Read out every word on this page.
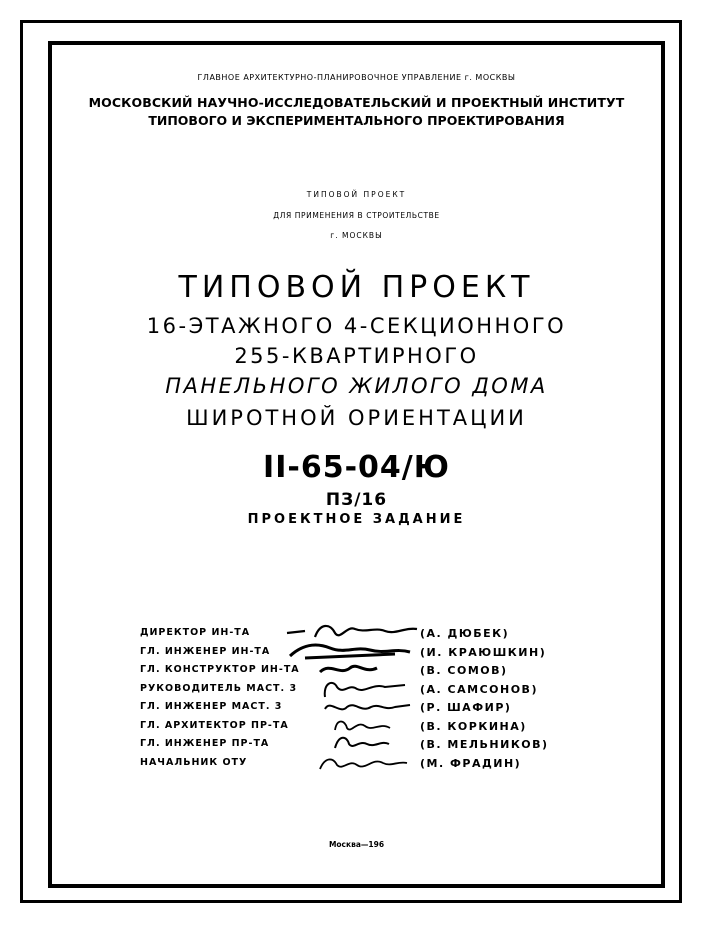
ГЛАВНОЕ АРХИТЕКТУРНО-ПЛАНИРОВОЧНОЕ УПРАВЛЕНИЕ г. МОСКВЫ
МОСКОВСКИЙ НАУЧНО-ИССЛЕДОВАТЕЛЬСКИЙ И ПРОЕКТНЫЙ ИНСТИТУТ
ТИПОВОГО И ЭКСПЕРИМЕНТАЛЬНОГО ПРОЕКТИРОВАНИЯ
ТИПОВОЙ ПРОЕКТ
ДЛЯ ПРИМЕНЕНИЯ В СТРОИТЕЛЬСТВЕ
г. МОСКВЫ
ТИПОВОЙ ПРОЕКТ
16-ЭТАЖНОГО 4-СЕКЦИОННОГО
255-КВАРТИРНОГО
ПАНЕЛЬНОГО ЖИЛОГО ДОМА
ШИРОТНОЙ ОРИЕНТАЦИИ
II-65-04/Ю
ПЗ/16
ПРОЕКТНОЕ ЗАДАНИЕ
ДИРЕКТОР ИН-ТА	(А. ДЮБЕК)
ГЛ. ИНЖЕНЕР ИН-ТА	(И. КРАЮШКИН)
ГЛ. КОНСТРУКТОР ИН-ТА	(В. СОМОВ)
РУКОВОДИТЕЛЬ МАСТ. 3	(А. САМСОНОВ)
ГЛ. ИНЖЕНЕР МАСТ. 3	(Р. ШАФИР)
ГЛ. АРХИТЕКТОР ПР-ТА	(В. КОРКИНА)
ГЛ. ИНЖЕНЕР ПР-ТА	(В. МЕЛЬНИКОВ)
НАЧАЛЬНИК ОТУ	(М. ФРАДИН)
Москва—196
